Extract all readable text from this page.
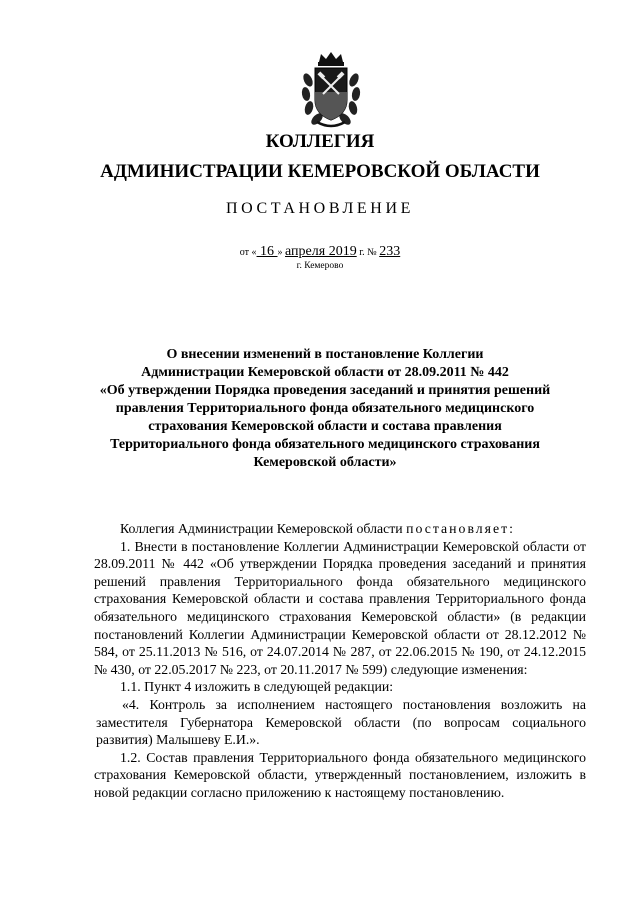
КОЛЛЕГИЯ
АДМИНИСТРАЦИИ КЕМЕРОВСКОЙ ОБЛАСТИ
ПОСТАНОВЛЕНИЕ
от « 16 » апреля 2019 г. № 233
г. Кемерово
О внесении изменений в постановление Коллегии
Администрации Кемеровской области от 28.09.2011 № 442
«Об утверждении Порядка проведения заседаний и принятия решений
правления Территориального фонда обязательного медицинского
страхования Кемеровской области и состава правления
Территориального фонда обязательного медицинского страхования
Кемеровской области»

Коллегия Администрации Кемеровской области постановляет:

1. Внести в постановление Коллегии Администрации Кемеровской области от 28.09.2011 № 442 «Об утверждении Порядка проведения заседаний и принятия решений правления Территориального фонда обязательного медицинского страхования Кемеровской области и состава правления Территориального фонда обязательного медицинского страхования Кемеровской области» (в редакции постановлений Коллегии Администрации Кемеровской области от 28.12.2012 № 584, от 25.11.2013 № 516, от 24.07.2014 № 287, от 22.06.2015 № 190, от 24.12.2015 № 430, от 22.05.2017 № 223, от 20.11.2017 № 599) следующие изменения:

1.1. Пункт 4 изложить в следующей редакции:

«4. Контроль за исполнением настоящего постановления возложить на заместителя Губернатора Кемеровской области (по вопросам социального развития) Малышеву Е.И.».

1.2. Состав правления Территориального фонда обязательного медицинского страхования Кемеровской области, утвержденный постановлением, изложить в новой редакции согласно приложению к настоящему постановлению.
